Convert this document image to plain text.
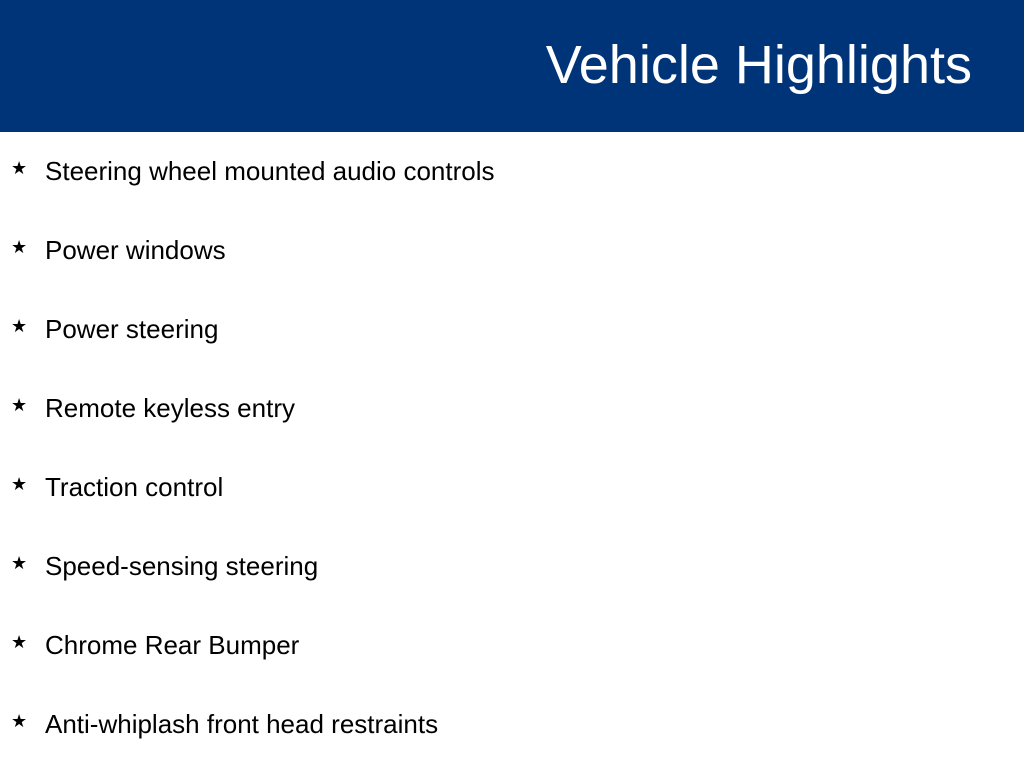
Vehicle Highlights
★ Steering wheel mounted audio controls
★ Power windows
★ Power steering
★ Remote keyless entry
★ Traction control
★ Speed-sensing steering
★ Chrome Rear Bumper
★ Anti-whiplash front head restraints
